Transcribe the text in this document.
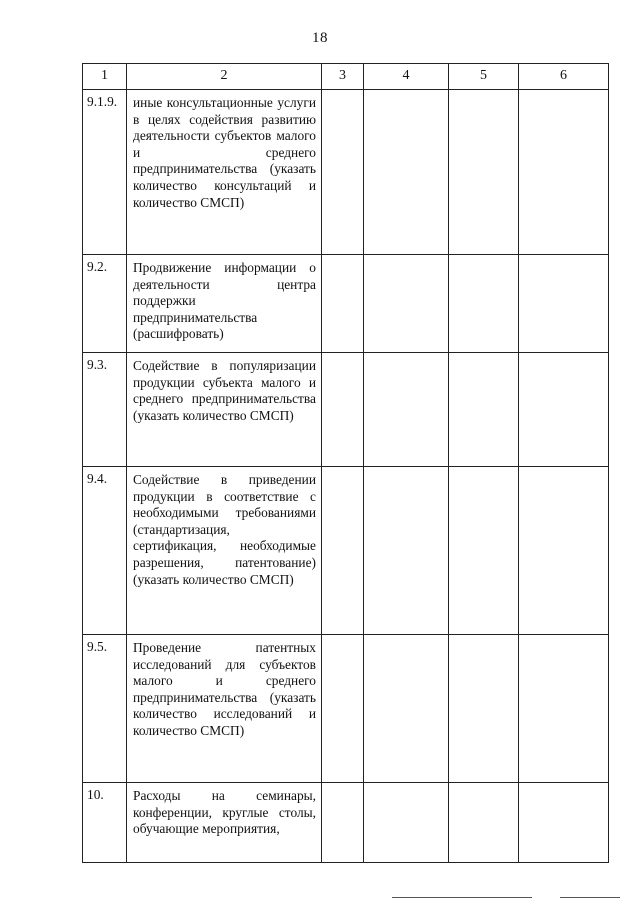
18
1	2	3	4	5	6
9.1.9.	иные консультационные услуги в целях содействия развитию деятельности субъектов малого и среднего предпринимательства (указать количество консультаций и количество СМСП)				
9.2.	Продвижение информации о деятельности центра поддержки предпринимательства (расшифровать)				
9.3.	Содействие в популяризации продукции субъекта малого и среднего предпринимательства (указать количество СМСП)				
9.4.	Содействие в приведении продукции в соответствие с необходимыми требованиями (стандартизация, сертификация, необходимые разрешения, патентование) (указать количество СМСП)				
9.5.	Проведение патентных исследований для субъектов малого и среднего предпринимательства (указать количество исследований и количество СМСП)				
10.	Расходы на семинары, конференции, круглые столы, обучающие мероприятия,				
